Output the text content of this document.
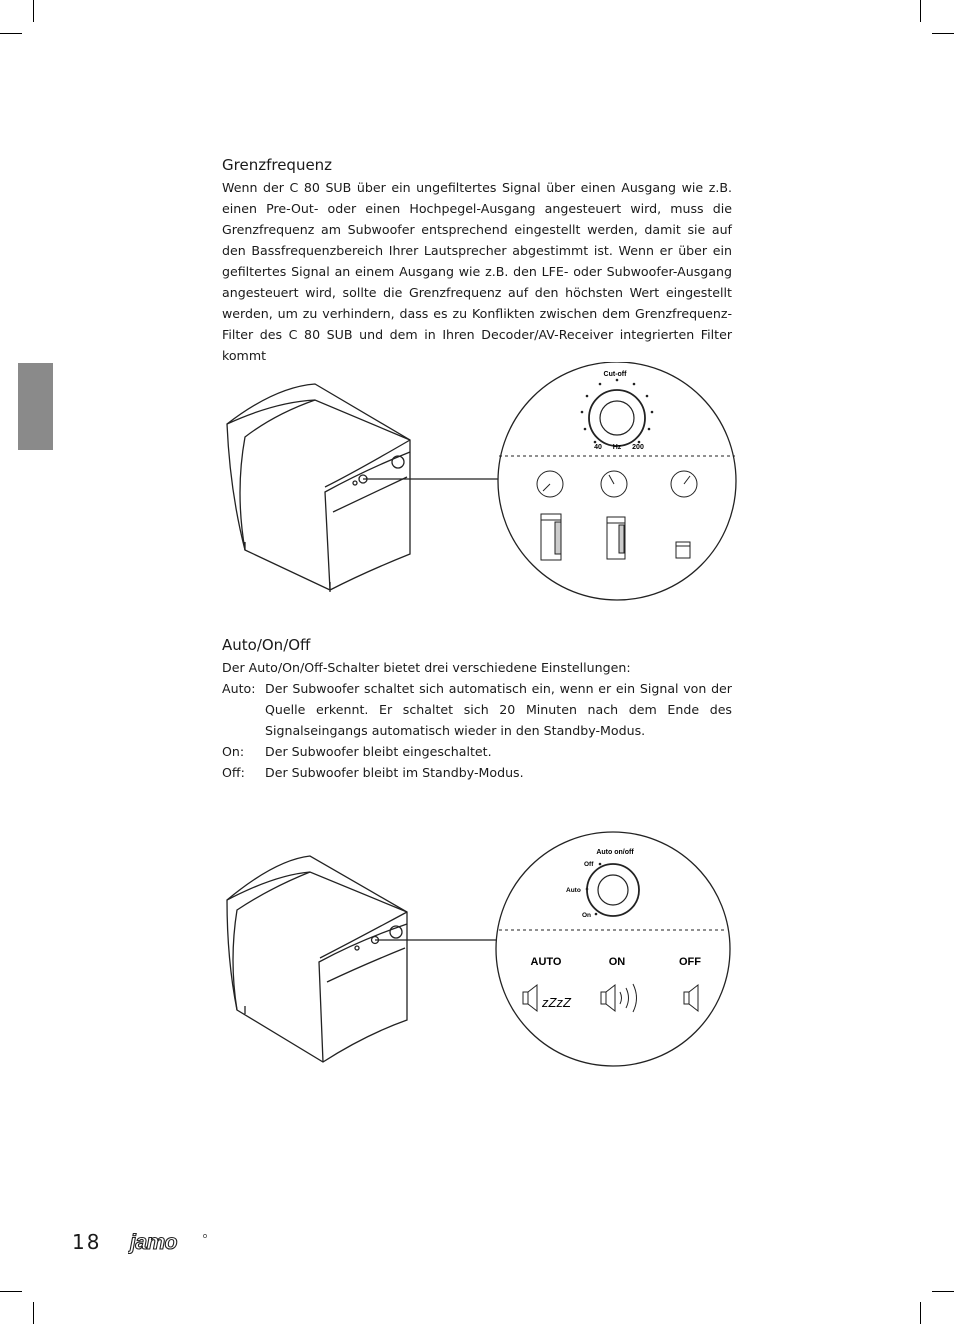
Grenzfrequenz

Wenn der C 80 SUB über ein ungefiltertes Signal über einen Ausgang wie z.B. einen Pre-Out- oder einen Hochpegel-Ausgang angesteuert wird, muss die Grenzfrequenz am Subwoofer entsprechend eingestellt werden, damit sie auf den Bassfrequenzbereich Ihrer Lautsprecher abgestimmt ist. Wenn er über ein gefiltertes Signal an einem Ausgang wie z.B. den LFE- oder Subwoofer-Ausgang angesteuert wird, sollte die Grenzfrequenz auf den höchsten Wert eingestellt werden, um zu verhindern, dass es zu Konflikten zwischen dem Grenzfrequenz-Filter des C 80 SUB und dem in Ihren Decoder/AV-Receiver integrierten Filter kommt

Cut-off
40 Hz 200
Auto/On/Off
Der Auto/On/Off-Schalter bietet drei verschiedene Einstellungen:
Auto: Der Subwoofer schaltet sich automatisch ein, wenn er ein Signal von der Quelle erkennt. Er schaltet sich 20 Minuten nach dem Ende des Signalseingangs automatisch wieder in den Standby-Modus.
On: Der Subwoofer bleibt eingeschaltet.
Off: Der Subwoofer bleibt im Standby-Modus.
Auto on/off
Off
Auto
On
AUTO	ON	OFF
zZzZ
18 jamo
